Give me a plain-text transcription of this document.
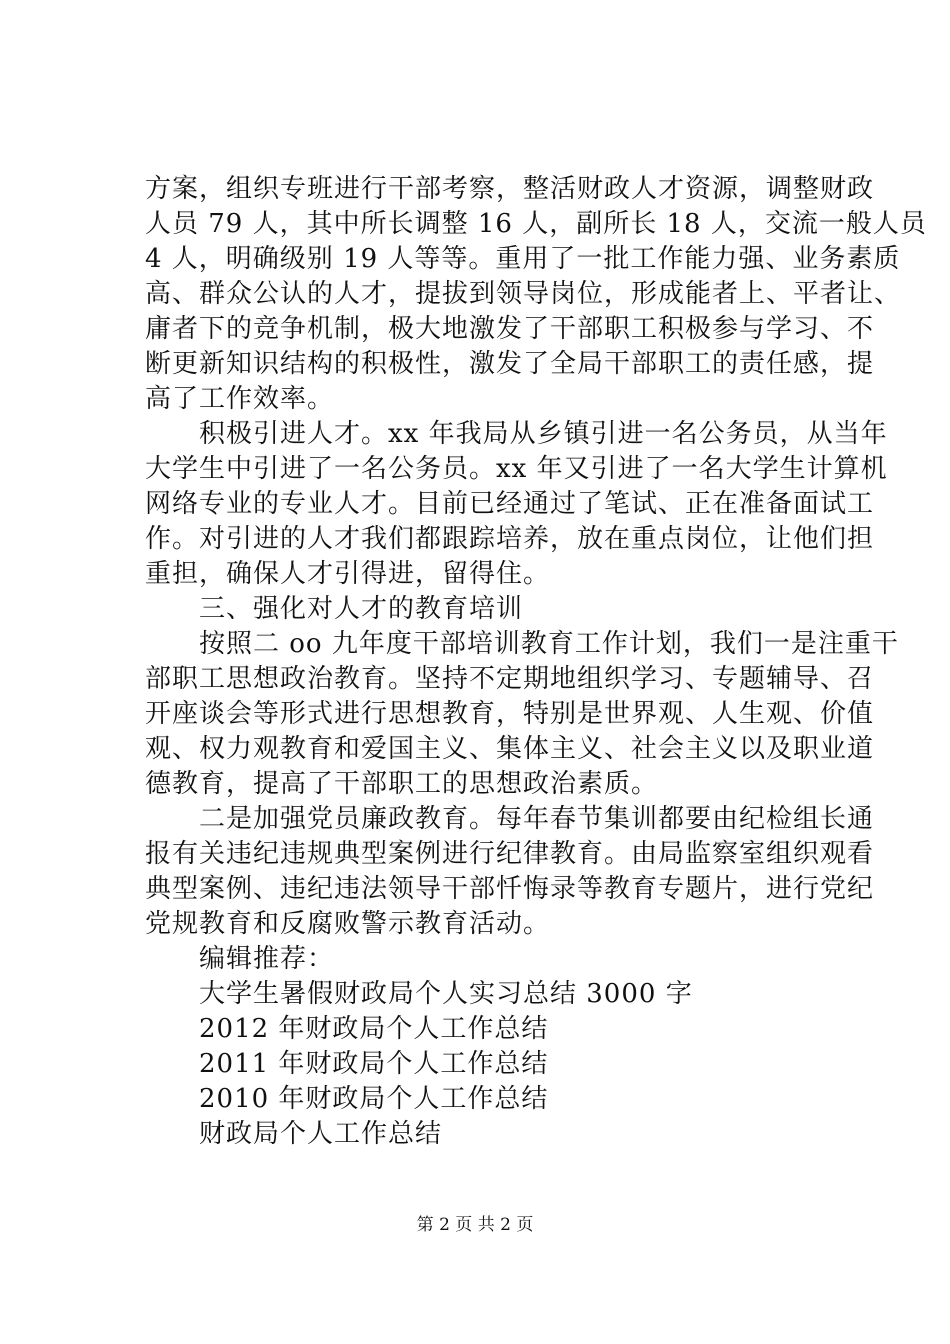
方案，组织专班进行干部考察，整活财政人才资源，调整财政
人员 79 人，其中所长调整 16 人，副所长 18 人，交流一般人员
4 人，明确级别 19 人等等。重用了一批工作能力强、业务素质
高、群众公认的人才，提拔到领导岗位，形成能者上、平者让、
庸者下的竞争机制，极大地激发了干部职工积极参与学习、不
断更新知识结构的积极性，激发了全局干部职工的责任感，提
高了工作效率。
　　积极引进人才。xx 年我局从乡镇引进一名公务员，从当年
大学生中引进了一名公务员。xx 年又引进了一名大学生计算机
网络专业的专业人才。目前已经通过了笔试、正在准备面试工
作。对引进的人才我们都跟踪培养，放在重点岗位，让他们担
重担，确保人才引得进，留得住。
　　三、强化对人才的教育培训
　　按照二 oo 九年度干部培训教育工作计划，我们一是注重干
部职工思想政治教育。坚持不定期地组织学习、专题辅导、召
开座谈会等形式进行思想教育，特别是世界观、人生观、价值
观、权力观教育和爱国主义、集体主义、社会主义以及职业道
德教育，提高了干部职工的思想政治素质。
　　二是加强党员廉政教育。每年春节集训都要由纪检组长通
报有关违纪违规典型案例进行纪律教育。由局监察室组织观看
典型案例、违纪违法领导干部忏悔录等教育专题片，进行党纪
党规教育和反腐败警示教育活动。
　　编辑推荐：
　　大学生暑假财政局个人实习总结 3000 字
　　2012 年财政局个人工作总结
　　2011 年财政局个人工作总结
　　2010 年财政局个人工作总结
　　财政局个人工作总结
第 2 页 共 2 页
